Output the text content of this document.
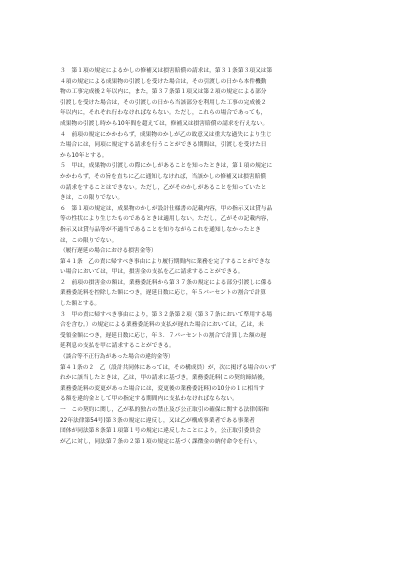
３　第１項の規定によるかしの修補又は損害賠償の請求は，第３１条第３項又は第
４項の規定による成果物の引渡しを受けた場合は，その引渡しの日から本件機動
物の工事完成後２年以内に，また，第３７条第１項又は第２項の規定による部分
引渡しを受けた場合は，その引渡しの日から当該部分を利用した工事の完成後２
年以内に，それぞれ行わなければならない。ただし，これらの場合であっても，
成果物の引渡し時から10年間を超えては，修補又は損害賠償の請求を行えない。
４　前項の規定にかかわらず，成果物のかしが乙の故意又は重大な過失により生じ
た場合には，同項に規定する請求を行うことができる期間は，引渡しを受けた日
から10年とする。
５　甲は，成果物の引渡しの際にかしがあることを知ったときは，第１項の規定に
かかわらず，その旨を直ちに乙に通知しなければ，当該かしの修補又は損害賠償
の請求をすることはできない。ただし，乙がそのかしがあることを知っていたと
きは，この限りでない。
６　第１項の規定は，成果物のかしが設計仕様書の記載内容，甲の指示又は貸与品
等の性状により生じたものであるときは適用しない。ただし，乙がその記載内容，
指示又は貸与品等が不適当であることを知りながらこれを通知しなかったとき
は，この限りでない。
（履行遅延の場合における損害金等）
第４１条　乙の責に帰すべき事由により履行期間内に業務を完了することができな
い場合においては，甲は，損害金の支払を乙に請求することができる。
２　前項の損害金の額は，業務委託料から第３７条の規定による部分引渡しに係る
業務委託料を控除した額につき，遅延日数に応じ，年５パーセントの割合で計算
した額とする。
３　甲の責に帰すべき事由により，第３２条第２項（第３７条において準用する場
合を含む。）の規定による業務委託料の支払が遅れた場合においては，乙は，未
受領金額につき，遅延日数に応じ，年３．７パーセントの割合で計算した額の遅
延利息の支払を甲に請求することができる。
（談合等不正行為があった場合の違約金等）
第４１条の２　乙（設計共同体にあっては，その構成員）が，次に掲げる場合のいず
れかに該当したときは，乙は，甲の請求に基づき，業務委託料(この契約締結後，
業務委託料の変更があった場合には，変更後の業務委託料)の10分の１に相当す
る額を違約金として甲の指定する期間内に支払わなければならない。
一　この契約に関し，乙が私的独占の禁止及び公正取引の確保に関する法律(昭和
22年法律第54号)第３条の規定に違反し，又は乙が構成事業者である事業者
団体が同法第８条第１項第１号の規定に違反したことにより，公正取引委員会
が乙に対し，同法第７条の２第１項の規定に基づく課徴金の納付命令を行い，
